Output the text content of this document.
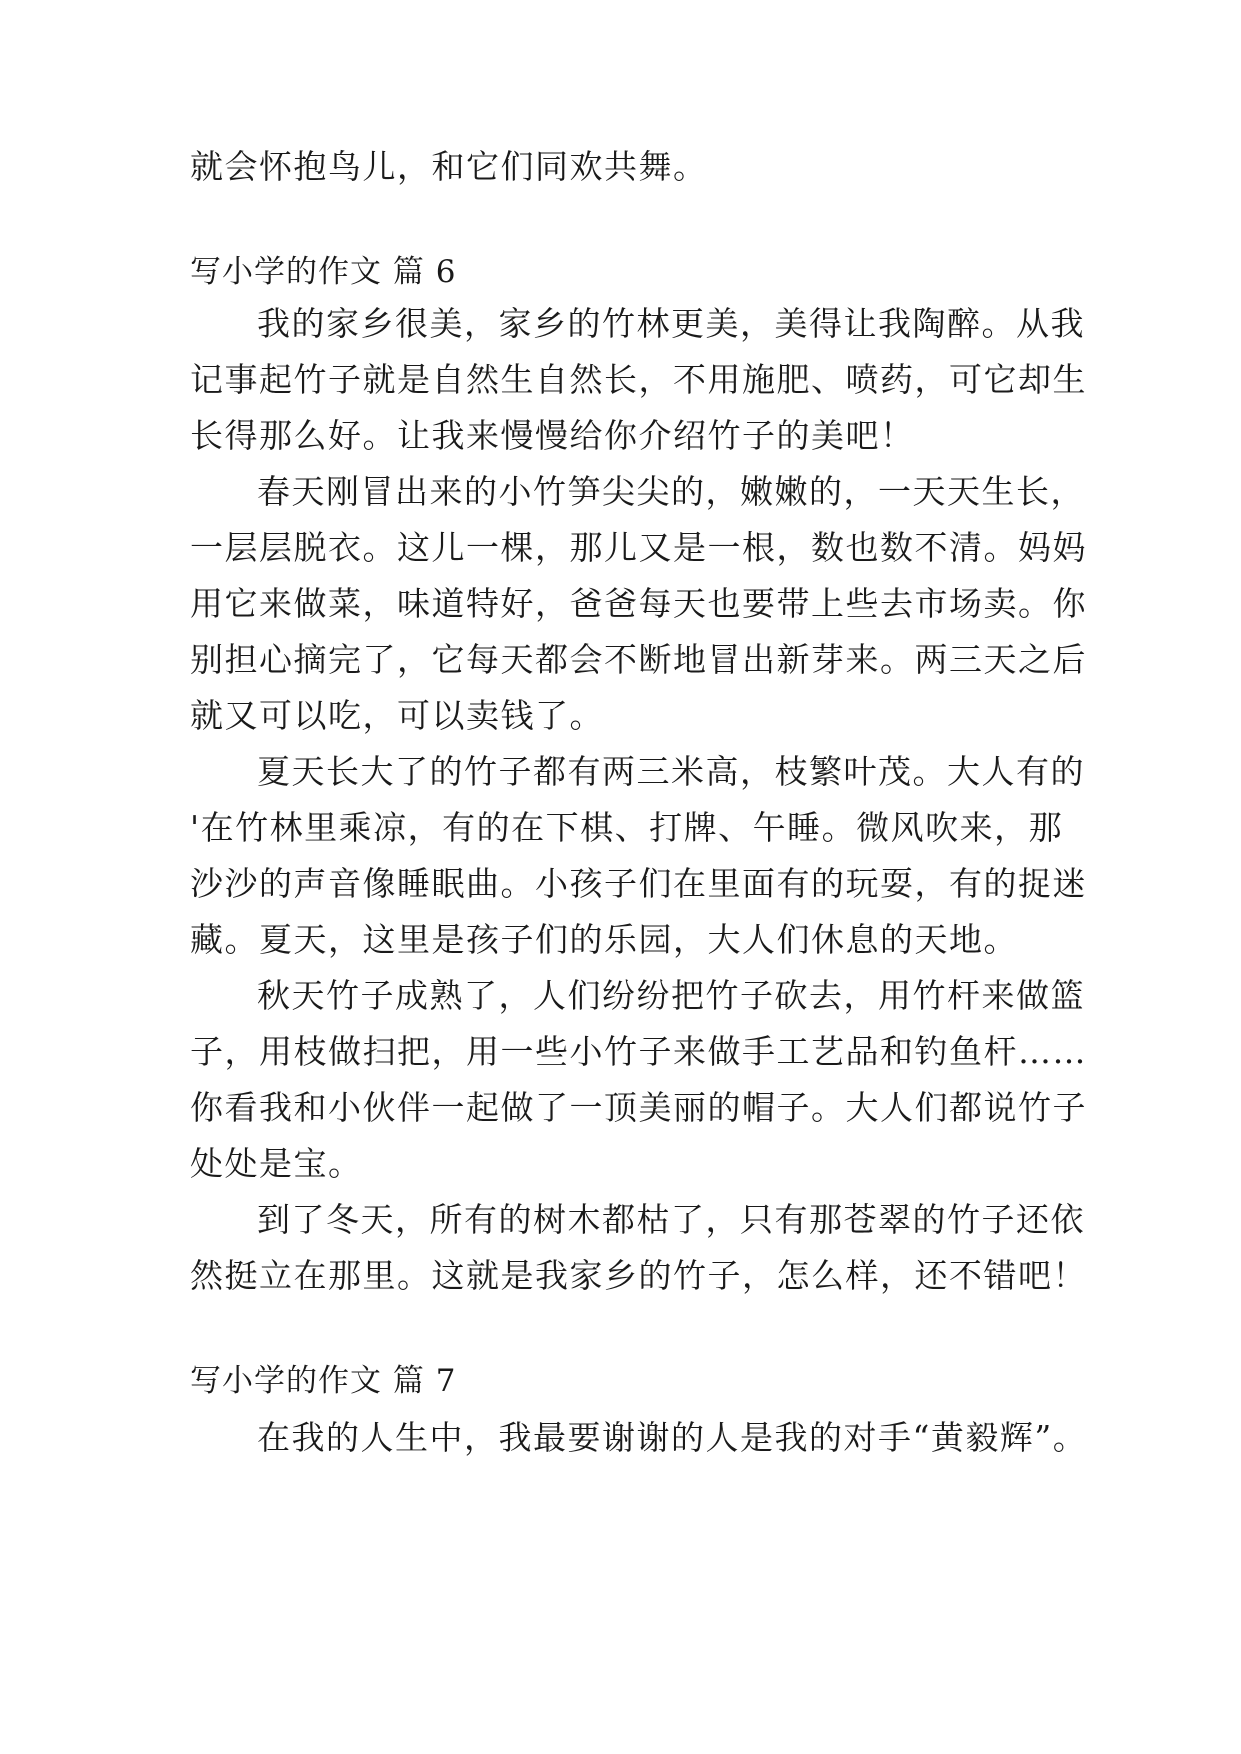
就会怀抱鸟儿，和它们同欢共舞。
写小学的作文 篇 6
我的家乡很美，家乡的竹林更美，美得让我陶醉。从我
记事起竹子就是自然生自然长，不用施肥、喷药，可它却生
长得那么好。让我来慢慢给你介绍竹子的美吧！
春天刚冒出来的小竹笋尖尖的，嫩嫩的，一天天生长，
一层层脱衣。这儿一棵，那儿又是一根，数也数不清。妈妈
用它来做菜，味道特好，爸爸每天也要带上些去市场卖。你
别担心摘完了，它每天都会不断地冒出新芽来。两三天之后
就又可以吃，可以卖钱了。
夏天长大了的竹子都有两三米高，枝繁叶茂。大人有的
'在竹林里乘凉，有的在下棋、打牌、午睡。微风吹来，那
沙沙的声音像睡眠曲。小孩子们在里面有的玩耍，有的捉迷
藏。夏天，这里是孩子们的乐园，大人们休息的天地。
秋天竹子成熟了，人们纷纷把竹子砍去，用竹杆来做篮
子，用枝做扫把，用一些小竹子来做手工艺品和钓鱼杆……
你看我和小伙伴一起做了一顶美丽的帽子。大人们都说竹子
处处是宝。
到了冬天，所有的树木都枯了，只有那苍翠的竹子还依
然挺立在那里。这就是我家乡的竹子，怎么样，还不错吧！
写小学的作文 篇 7
在我的人生中，我最要谢谢的人是我的对手“黄毅辉”。
